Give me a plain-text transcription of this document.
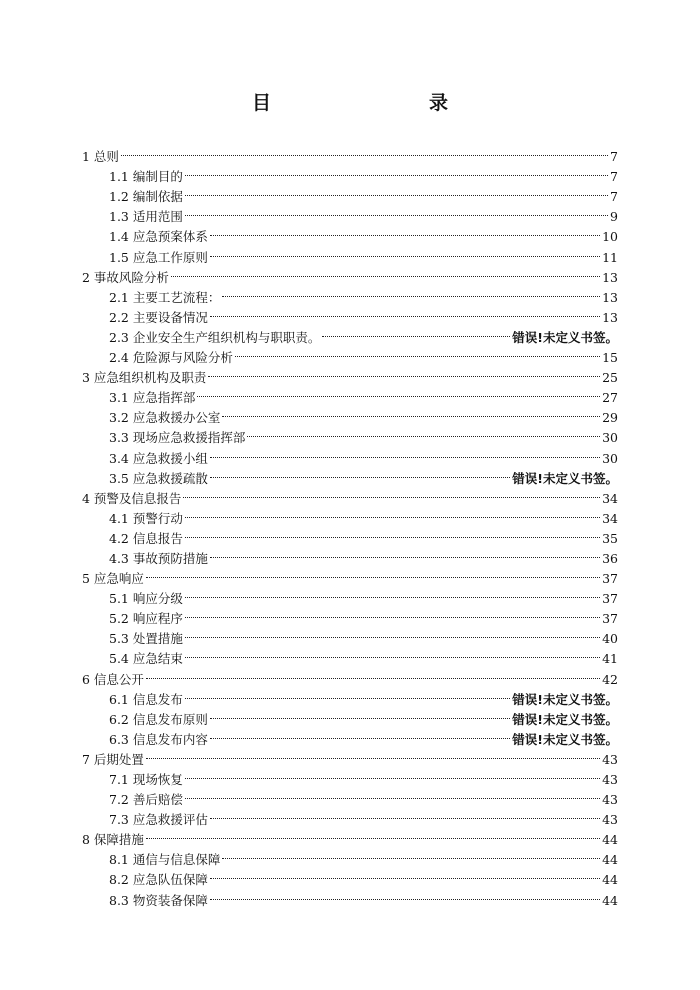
目　　录
1 总则	7
1.1 编制目的	7
1.2 编制依据	7
1.3 适用范围	9
1.4 应急预案体系	10
1.5 应急工作原则	11
2 事故风险分析	13
2.1 主要工艺流程：	13
2.2 主要设备情况	13
2.3 企业安全生产组织机构与职职责。	错误!未定义书签。
2.4 危险源与风险分析	15
3 应急组织机构及职责	25
3.1 应急指挥部	27
3.2 应急救援办公室	29
3.3 现场应急救援指挥部	30
3.4 应急救援小组	30
3.5 应急救援疏散	错误!未定义书签。
4 预警及信息报告	34
4.1 预警行动	34
4.2 信息报告	35
4.3 事故预防措施	36
5 应急响应	37
5.1 响应分级	37
5.2 响应程序	37
5.3 处置措施	40
5.4 应急结束	41
6 信息公开	42
6.1 信息发布	错误!未定义书签。
6.2 信息发布原则	错误!未定义书签。
6.3 信息发布内容	错误!未定义书签。
7 后期处置	43
7.1 现场恢复	43
7.2 善后赔偿	43
7.3 应急救援评估	43
8 保障措施	44
8.1 通信与信息保障	44
8.2 应急队伍保障	44
8.3 物资装备保障	44
